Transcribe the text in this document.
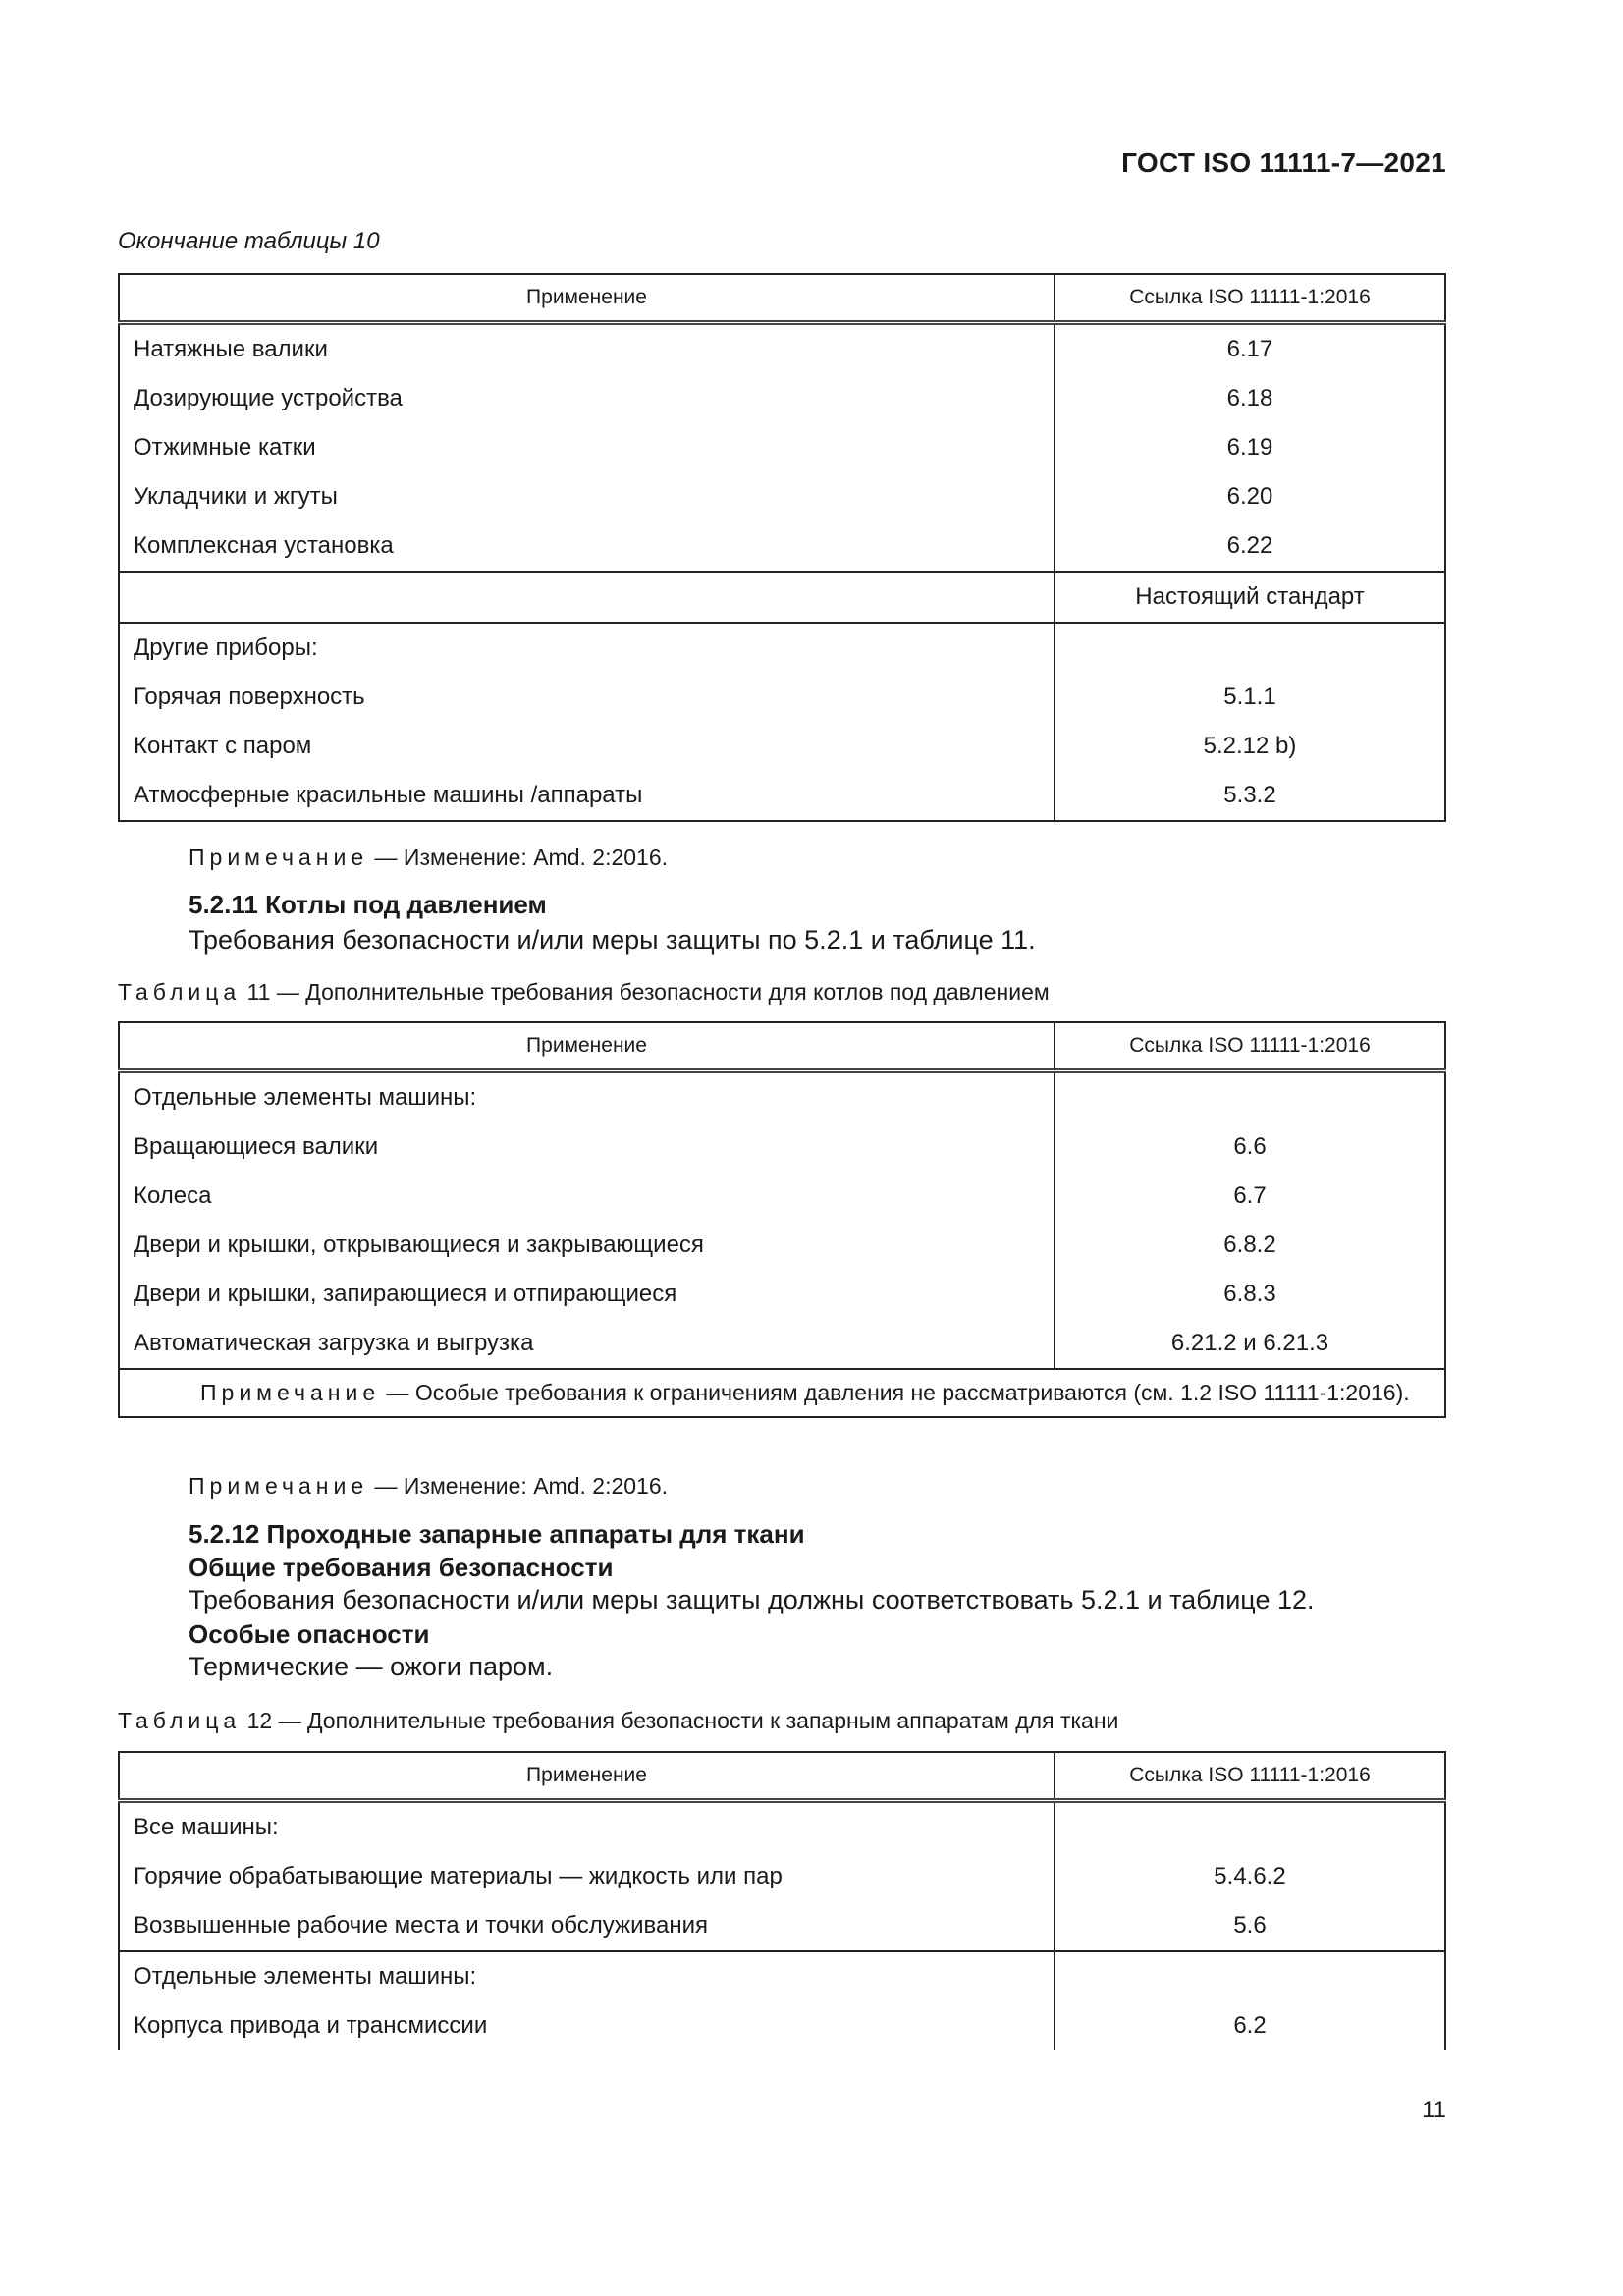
ГОСТ ISO 11111-7—2021
Окончание таблицы 10
Применение	Ссылка ISO 11111-1:2016
Натяжные валики	6.17
Дозирующие устройства	6.18
Отжимные катки	6.19
Укладчики и жгуты	6.20
Комплексная установка	6.22
	Настоящий стандарт
Другие приборы:	
Горячая поверхность	5.1.1
Контакт с паром	5.2.12 b)
Атмосферные красильные машины /аппараты	5.3.2
Примечание — Изменение: Amd. 2:2016.
5.2.11 Котлы под давлением
Требования безопасности и/или меры защиты по 5.2.1 и таблице 11.
Таблица 11 — Дополнительные требования безопасности для котлов под давлением
Применение	Ссылка ISO 11111-1:2016
Отдельные элементы машины:	
Вращающиеся валики	6.6
Колеса	6.7
Двери и крышки, открывающиеся и закрывающиеся	6.8.2
Двери и крышки, запирающиеся и отпирающиеся	6.8.3
Автоматическая загрузка и выгрузка	6.21.2 и 6.21.3
Примечание — Особые требования к ограничениям давления не рассматриваются (см. 1.2 ISO 11111-1:2016).	
Примечание — Изменение: Amd. 2:2016.
5.2.12 Проходные запарные аппараты для ткани
Общие требования безопасности
Требования безопасности и/или меры защиты должны соответствовать 5.2.1 и таблице 12.
Особые опасности
Термические — ожоги паром.
Таблица 12 — Дополнительные требования безопасности к запарным аппаратам для ткани
Применение	Ссылка ISO 11111-1:2016
Все машины:	
Горячие обрабатывающие материалы — жидкость или пар	5.4.6.2
Возвышенные рабочие места и точки обслуживания	5.6
Отдельные элементы машины:	
Корпуса привода и трансмиссии	6.2
11
